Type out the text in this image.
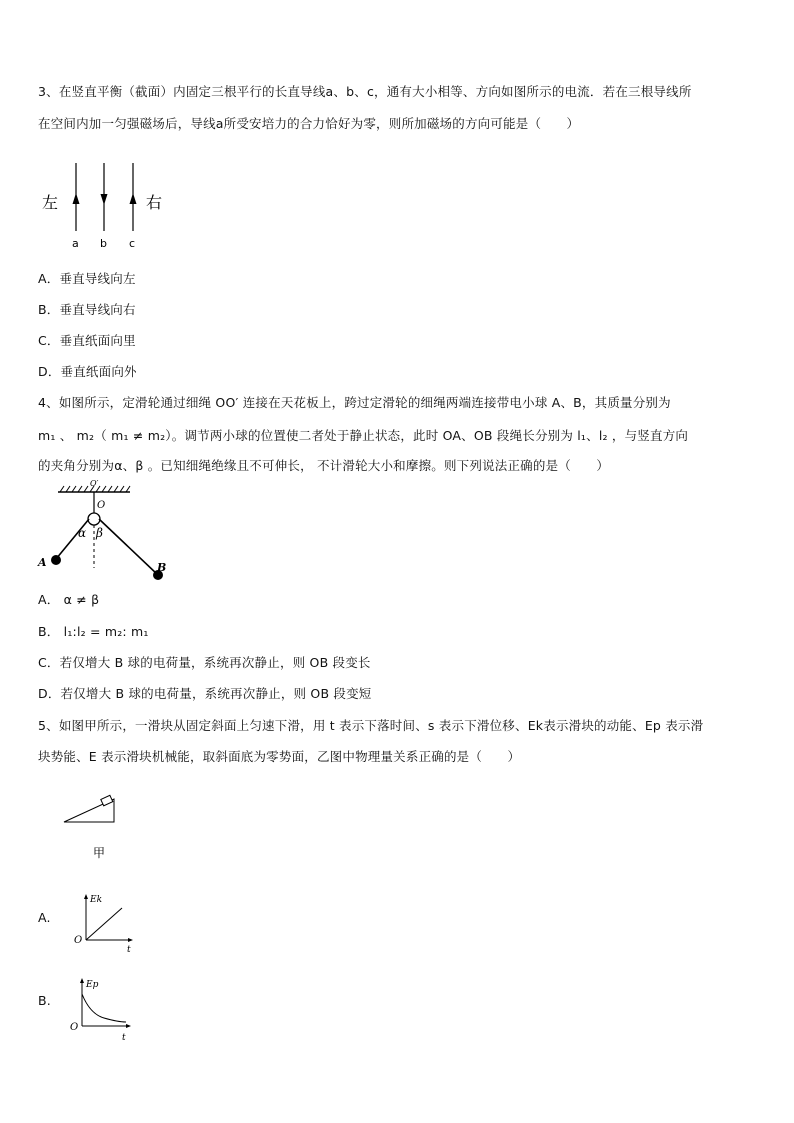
3、在竖直平衡（截面）内固定三根平行的长直导线a、b、c，通有大小相等、方向如图所示的电流．若在三根导线所
在空间内加一匀强磁场后，导线a所受安培力的合力恰好为零，则所加磁场的方向可能是（　　）
左	右
a b c
A．垂直导线向左
B．垂直导线向右
C．垂直纸面向里
D．垂直纸面向外
4、如图所示，定滑轮通过细绳 OO′ 连接在天花板上，跨过定滑轮的细绳两端连接带电小球 A、B，其质量分别为
m₁ 、 m₂（ m₁ ≠ m₂）。调节两小球的位置使二者处于静止状态，此时 OA、OB 段绳长分别为 l₁、l₂ ，与竖直方向
的夹角分别为α、β 。已知细绳绝缘且不可伸长， 不计滑轮大小和摩擦。则下列说法正确的是（　　）
O′
O
α β
A	B
A． α ≠ β
B． l₁:l₂ = m₂: m₁
C．若仅增大 B 球的电荷量，系统再次静止，则 OB 段变长
D．若仅增大 B 球的电荷量，系统再次静止，则 OB 段变短
5、如图甲所示，一滑块从固定斜面上匀速下滑，用 t 表示下落时间、s 表示下滑位移、Ek表示滑块的动能、Ep 表示滑
块势能、E 表示滑块机械能，取斜面底为零势面，乙图中物理量关系正确的是（　　）
甲
A.
Ek
O
t
B.
Ep
O
t
